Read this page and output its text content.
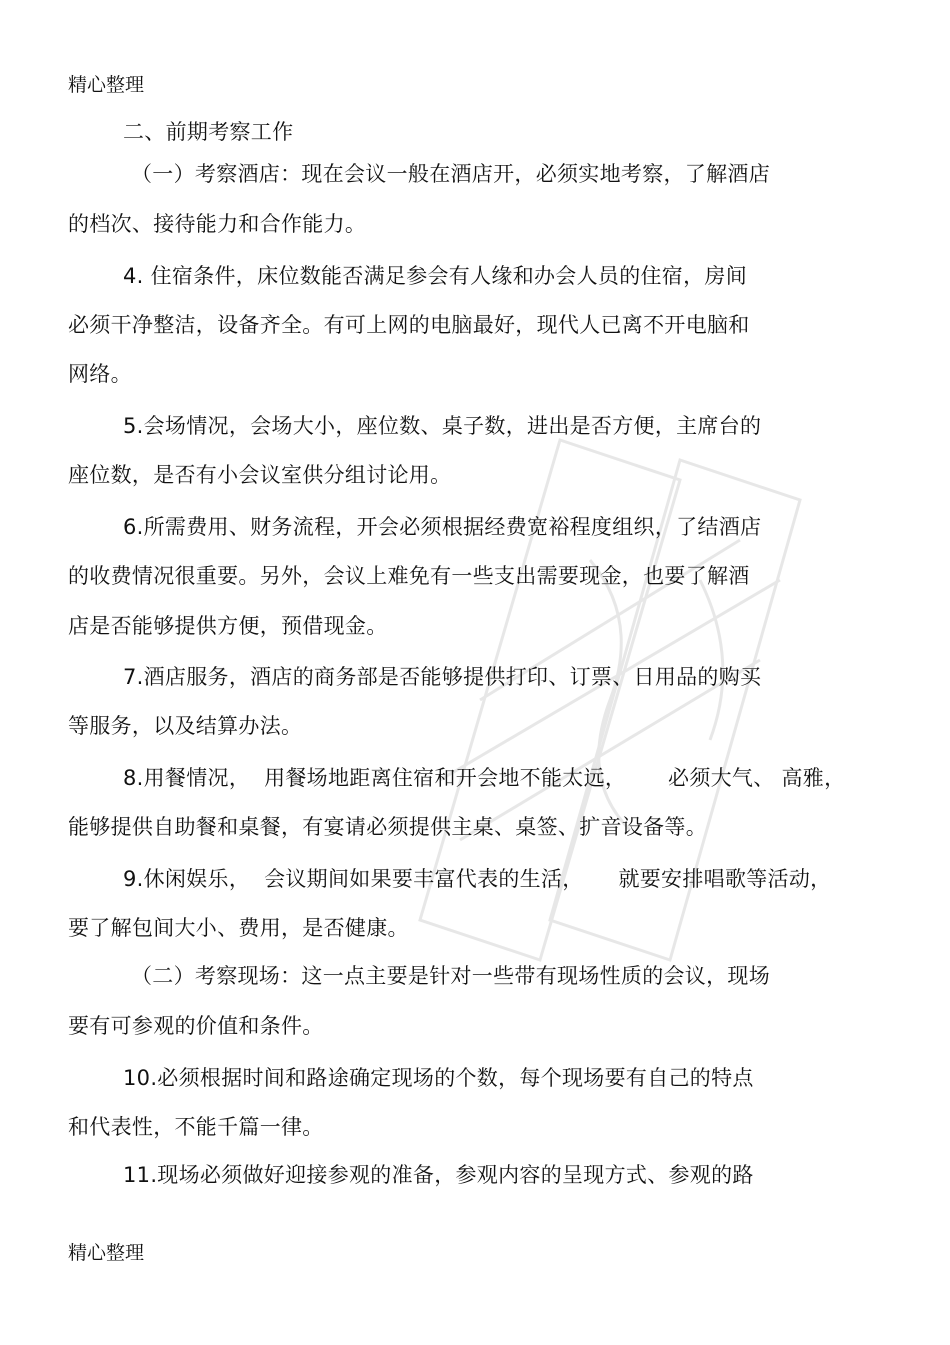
精心整理
二、前期考察工作
（一）考察酒店：现在会议一般在酒店开，必须实地考察，了解酒店
的档次、接待能力和合作能力。
4. 住宿条件，床位数能否满足参会有人缘和办会人员的住宿，房间
必须干净整洁，设备齐全。有可上网的电脑最好，现代人已离不开电脑和
网络。
5.会场情况，会场大小，座位数、桌子数，进出是否方便，主席台的
座位数，是否有小会议室供分组讨论用。
6.所需费用、财务流程，开会必须根据经费宽裕程度组织，了结酒店
的收费情况很重要。另外，会议上难免有一些支出需要现金，也要了解酒
店是否能够提供方便，预借现金。
7.酒店服务，酒店的商务部是否能够提供打印、订票、日用品的购买
等服务，以及结算办法。
8.用餐情况，  用餐场地距离住宿和开会地不能太远，      必须大气、 高雅，
能够提供自助餐和桌餐，有宴请必须提供主桌、桌签、扩音设备等。
9.休闲娱乐，  会议期间如果要丰富代表的生活，     就要安排唱歌等活动，
要了解包间大小、费用，是否健康。
（二）考察现场：这一点主要是针对一些带有现场性质的会议，现场
要有可参观的价值和条件。
10.必须根据时间和路途确定现场的个数，每个现场要有自己的特点
和代表性，不能千篇一律。
11.现场必须做好迎接参观的准备，参观内容的呈现方式、参观的路
精心整理
